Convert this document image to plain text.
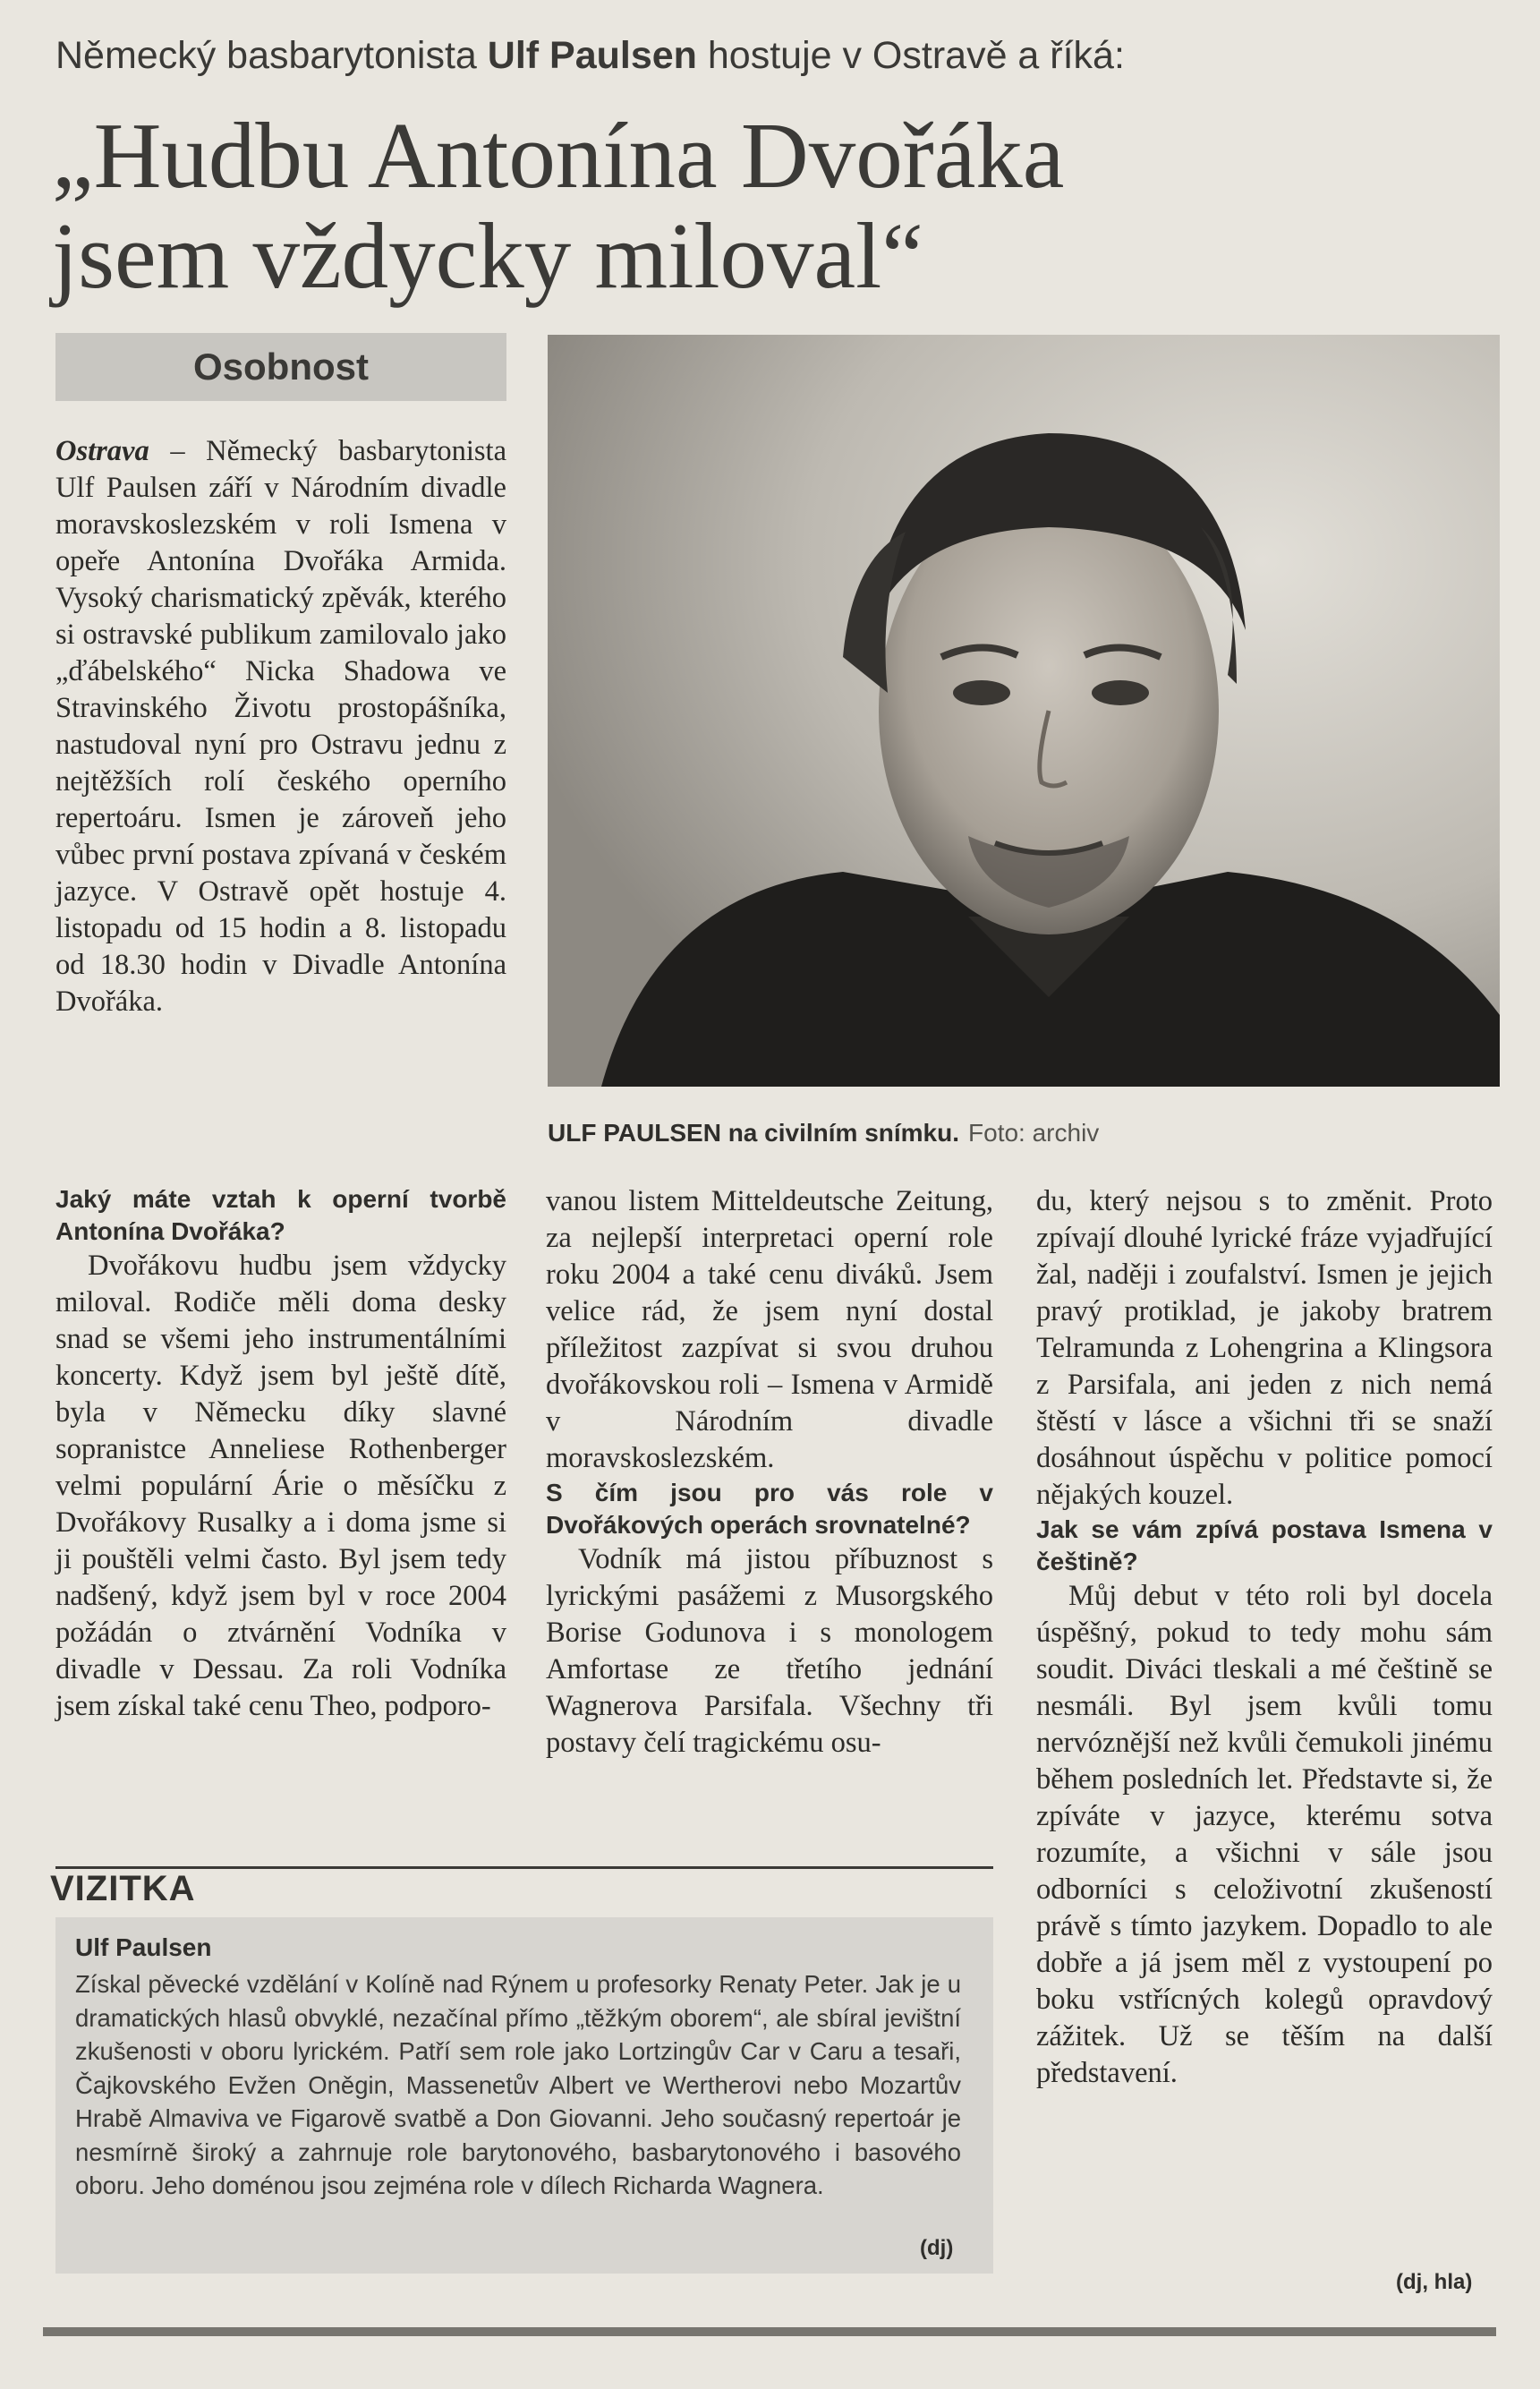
Německý basbarytonista Ulf Paulsen hostuje v Ostravě a říká:
„Hudbu Antonína Dvořáka
jsem vždycky miloval“
Osobnost

Ostrava – Německý basbarytonista Ulf Paulsen září v Národním divadle moravskoslezském v roli Ismena v opeře Antonína Dvořáka Armida. Vysoký charismatický zpěvák, kterého si ostravské publikum zamilovalo jako „ďábelského“ Nicka Shadowa ve Stravinského Životu prostopášníka, nastudoval nyní pro Ostravu jednu z nejtěžších rolí českého operního repertoáru. Ismen je zároveň jeho vůbec první postava zpívaná v českém jazyce. V Ostravě opět hostuje 4. listopadu od 15 hodin a 8. listopadu od 18.30 hodin v Divadle Antonína Dvořáka.

ULF PAULSEN na civilním snímku. Foto: archiv

Jaký máte vztah k operní tvorbě Antonína Dvořáka?

Dvořákovu hudbu jsem vždycky miloval. Rodiče měli doma desky snad se všemi jeho instrumentálními koncerty. Když jsem byl ještě dítě, byla v Německu díky slavné sopranistce Anneliese Rothenberger velmi populární Árie o měsíčku z Dvořákovy Rusalky a i doma jsme si ji pouštěli velmi často. Byl jsem tedy nadšený, když jsem byl v roce 2004 požádán o ztvárnění Vodníka v divadle v Dessau. Za roli Vodníka jsem získal také cenu Theo, podporo-

vanou listem Mitteldeutsche Zeitung, za nejlepší interpretaci operní role roku 2004 a také cenu diváků. Jsem velice rád, že jsem nyní dostal příležitost zazpívat si svou druhou dvořákovskou roli – Ismena v Armidě v Národním divadle moravskoslezském.

S čím jsou pro vás role v Dvořákových operách srovnatelné?

Vodník má jistou příbuznost s lyrickými pasážemi z Musorgského Borise Godunova i s monologem Amfortase ze třetího jednání Wagnerova Parsifala. Všechny tři postavy čelí tragickému osu-

du, který nejsou s to změnit. Proto zpívají dlouhé lyrické fráze vyjadřující žal, naději i zoufalství. Ismen je jejich pravý protiklad, je jakoby bratrem Telramunda z Lohengrina a Klingsora z Parsifala, ani jeden z nich nemá štěstí v lásce a všichni tři se snaží dosáhnout úspěchu v politice pomocí nějakých kouzel.

Jak se vám zpívá postava Ismena v češtině?

Můj debut v této roli byl docela úspěšný, pokud to tedy mohu sám soudit. Diváci tleskali a mé češtině se nesmáli. Byl jsem kvůli tomu nervóznější než kvůli čemukoli jinému během posledních let. Představte si, že zpíváte v jazyce, kterému sotva rozumíte, a všichni v sále jsou odborníci s celoživotní zkušeností právě s tímto jazykem. Dopadlo to ale dobře a já jsem měl z vystoupení po boku vstřícných kolegů opravdový zážitek. Už se těším na další představení.

VIZITKA
Ulf Paulsen

Získal pěvecké vzdělání v Kolíně nad Rýnem u profesorky Renaty Peter. Jak je u dramatických hlasů obvyklé, nezačínal přímo „těžkým oborem“, ale sbíral jevištní zkušenosti v oboru lyrickém. Patří sem role jako Lortzingův Car v Caru a tesaři, Čajkovského Evžen Oněgin, Massenetův Albert ve Wertherovi nebo Mozartův Hrabě Almaviva ve Figarově svatbě a Don Giovanni. Jeho současný repertoár je nesmírně široký a zahrnuje role barytonového, basbarytonového i basového oboru. Jeho doménou jsou zejména role v dílech Richarda Wagnera.

(dj)
(dj, hla)
